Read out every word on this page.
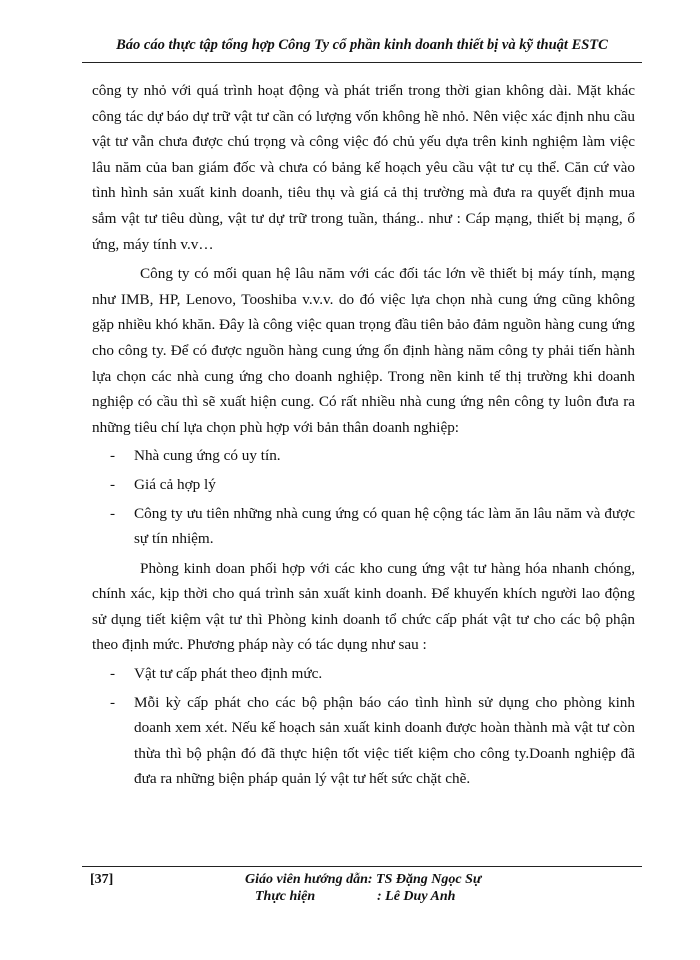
Báo cáo thực tập tổng hợp Công Ty cổ phần kinh doanh thiết bị và kỹ thuật ESTC

công ty nhỏ với quá trình hoạt động và phát triển trong thời gian không dài. Mặt khác công tác dự báo dự trữ vật tư cần có lượng vốn không hề nhỏ. Nên việc xác định nhu cầu vật tư vẫn chưa được chú trọng và công việc đó chủ yếu dựa trên kinh nghiệm làm việc lâu năm của ban giám đốc và chưa có bảng kế hoạch yêu cầu vật tư cụ thể. Căn cứ vào tình hình sản xuất kinh doanh, tiêu thụ và giá cả thị trường mà đưa ra quyết định mua sắm vật tư tiêu dùng, vật tư dự trữ trong tuần, tháng.. như : Cáp mạng, thiết bị mạng, ổ ứng, máy tính v.v…

Công ty có mối quan hệ lâu năm với các đối tác lớn về thiết bị máy tính, mạng như IMB, HP, Lenovo, Tooshiba v.v.v. do đó việc lựa chọn nhà cung ứng cũng không gặp nhiều khó khăn. Đây là công việc quan trọng đầu tiên bảo đảm nguồn hàng cung ứng cho công ty. Để có được nguồn hàng cung ứng ổn định hàng năm công ty phải tiến hành lựa chọn các nhà cung ứng cho doanh nghiệp. Trong nền kinh tế thị trường khi doanh nghiệp có cầu thì sẽ xuất hiện cung. Có rất nhiều nhà cung ứng nên công ty luôn đưa ra những tiêu chí lựa chọn phù hợp với bản thân doanh nghiệp:

- Nhà cung ứng có uy tín.
- Giá cả hợp lý
- Công ty ưu tiên những nhà cung ứng có quan hệ cộng tác làm ăn lâu năm và được sự tín nhiệm.

Phòng kinh doan phối hợp với các kho cung ứng vật tư hàng hóa nhanh chóng, chính xác, kịp thời cho quá trình sản xuất kinh doanh. Để khuyến khích người lao động sử dụng tiết kiệm vật tư thì Phòng kinh doanh tổ chức cấp phát vật tư cho các bộ phận theo định mức. Phương pháp này có tác dụng như sau :

- Vật tư cấp phát theo định mức.
- Mỗi kỳ cấp phát cho các bộ phận báo cáo tình hình sử dụng cho phòng kinh doanh xem xét. Nếu kế hoạch sản xuất kinh doanh được hoàn thành mà vật tư còn thừa thì bộ phận đó đã thực hiện tốt việc tiết kiệm cho công ty.Doanh nghiệp đã đưa ra những biện pháp quản lý vật tư hết sức chặt chẽ.
[37]	Giáo viên hướng dẫn: TS Đặng Ngọc Sự
Thực hiện	: Lê Duy Anh
